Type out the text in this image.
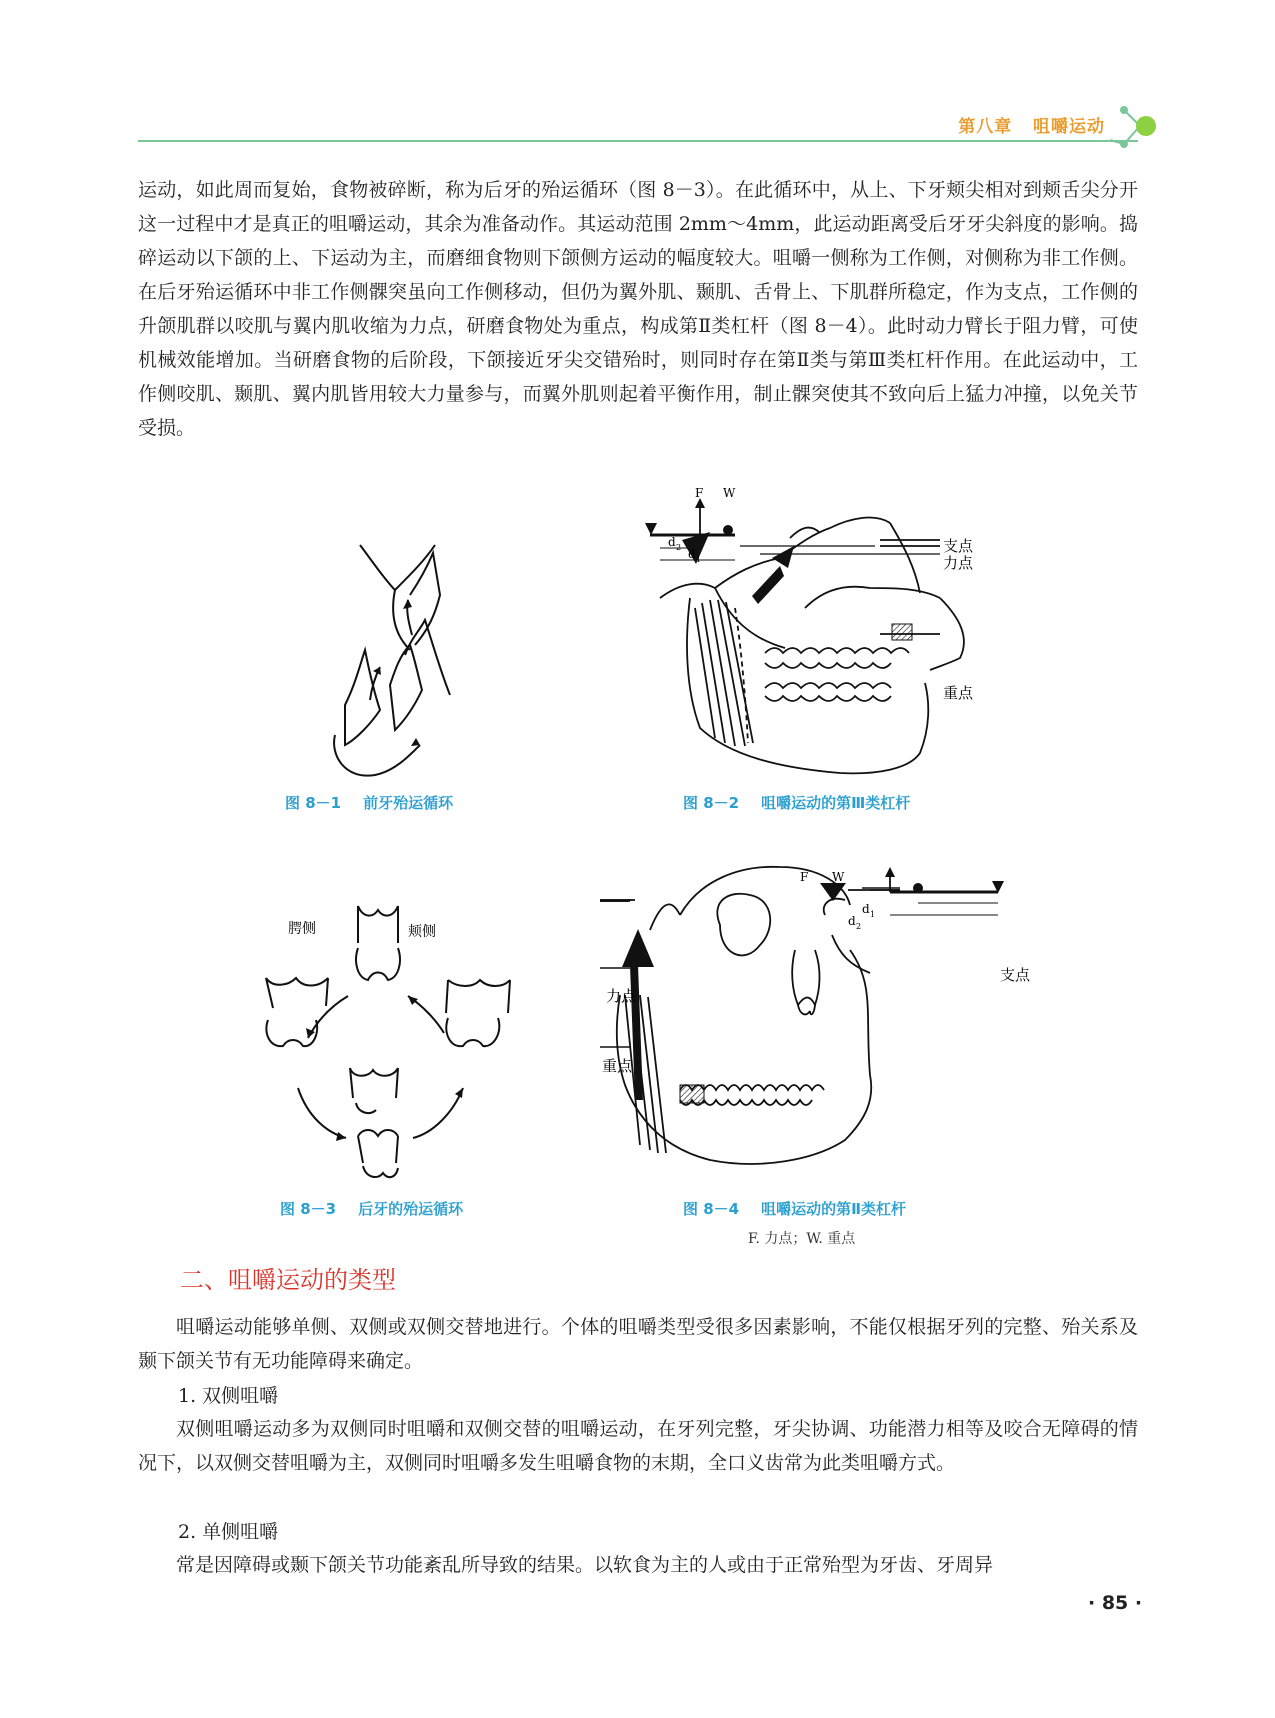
第八章 咀嚼运动

运动，如此周而复始，食物被碎断，称为后牙的殆运循环（图 8－3）。在此循环中，从上、下牙颊尖相对到颊舌尖分开这一过程中才是真正的咀嚼运动，其余为准备动作。其运动范围 2mm～4mm，此运动距离受后牙牙尖斜度的影响。捣碎运动以下颌的上、下运动为主，而磨细食物则下颌侧方运动的幅度较大。咀嚼一侧称为工作侧，对侧称为非工作侧。在后牙殆运循环中非工作侧髁突虽向工作侧移动，但仍为翼外肌、颞肌、舌骨上、下肌群所稳定，作为支点，工作侧的升颌肌群以咬肌与翼内肌收缩为力点，研磨食物处为重点，构成第Ⅱ类杠杆（图 8－4）。此时动力臂长于阻力臂，可使机械效能增加。当研磨食物的后阶段，下颌接近牙尖交错殆时，则同时存在第Ⅱ类与第Ⅲ类杠杆作用。在此运动中，工作侧咬肌、颞肌、翼内肌皆用较大力量参与，而翼外肌则起着平衡作用，制止髁突使其不致向后上猛力冲撞，以免关节受损。

图 8－1 前牙殆运循环
F W
d 2 d 1
支点
力点
重点
图 8－2 咀嚼运动的第Ⅲ类杠杆
腭侧	颊侧
图 8－3 后牙的殆运循环
F W
d 1
d 2
支点
力点
重点
图 8－4 咀嚼运动的第Ⅱ类杠杆
F. 力点；W. 重点
二、咀嚼运动的类型

咀嚼运动能够单侧、双侧或双侧交替地进行。个体的咀嚼类型受很多因素影响，不能仅根据牙列的完整、殆关系及颞下颌关节有无功能障碍来确定。

1. 双侧咀嚼

双侧咀嚼运动多为双侧同时咀嚼和双侧交替的咀嚼运动，在牙列完整，牙尖协调、功能潜力相等及咬合无障碍的情况下，以双侧交替咀嚼为主，双侧同时咀嚼多发生咀嚼食物的末期，全口义齿常为此类咀嚼方式。

2. 单侧咀嚼

常是因障碍或颞下颌关节功能紊乱所导致的结果。以软食为主的人或由于正常殆型为牙齿、牙周异

· 85 ·
